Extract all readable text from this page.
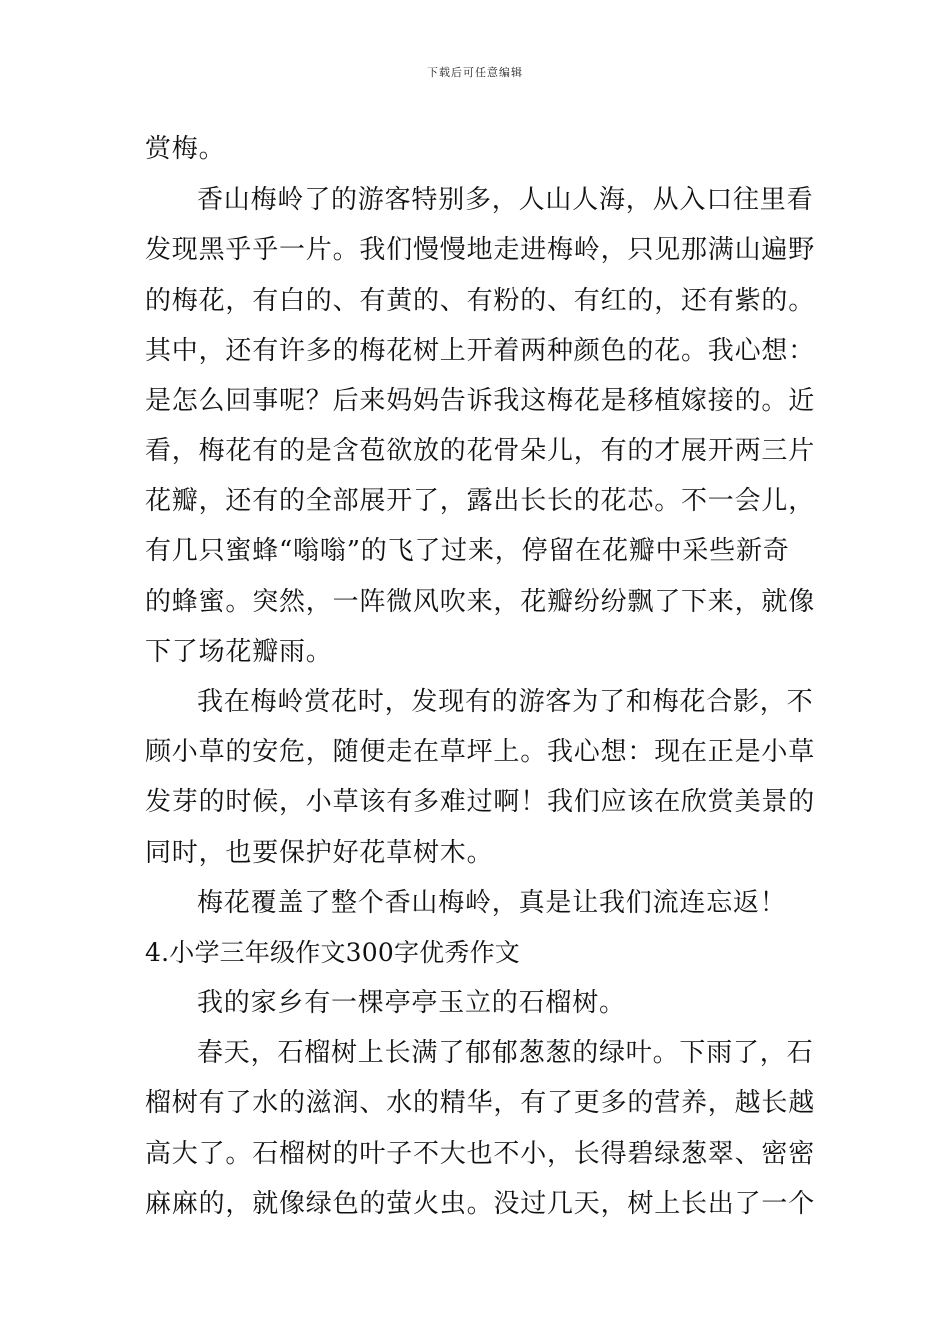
下载后可任意编辑
赏梅。
香山梅岭了的游客特别多，人山人海，从入口往里看
发现黑乎乎一片。我们慢慢地走进梅岭，只见那满山遍野
的梅花，有白的、有黄的、有粉的、有红的，还有紫的。
其中，还有许多的梅花树上开着两种颜色的花。我心想：
是怎么回事呢？后来妈妈告诉我这梅花是移植嫁接的。近
看，梅花有的是含苞欲放的花骨朵儿，有的才展开两三片
花瓣，还有的全部展开了，露出长长的花芯。不一会儿，
有几只蜜蜂“嗡嗡”的飞了过来，停留在花瓣中采些新奇
的蜂蜜。突然，一阵微风吹来，花瓣纷纷飘了下来，就像
下了场花瓣雨。
我在梅岭赏花时，发现有的游客为了和梅花合影，不
顾小草的安危，随便走在草坪上。我心想：现在正是小草
发芽的时候，小草该有多难过啊！我们应该在欣赏美景的
同时，也要保护好花草树木。
梅花覆盖了整个香山梅岭，真是让我们流连忘返！
4.小学三年级作文300字优秀作文
我的家乡有一棵亭亭玉立的石榴树。
春天，石榴树上长满了郁郁葱葱的绿叶。下雨了，石
榴树有了水的滋润、水的精华，有了更多的营养，越长越
高大了。石榴树的叶子不大也不小，长得碧绿葱翠、密密
麻麻的，就像绿色的萤火虫。没过几天，树上长出了一个
